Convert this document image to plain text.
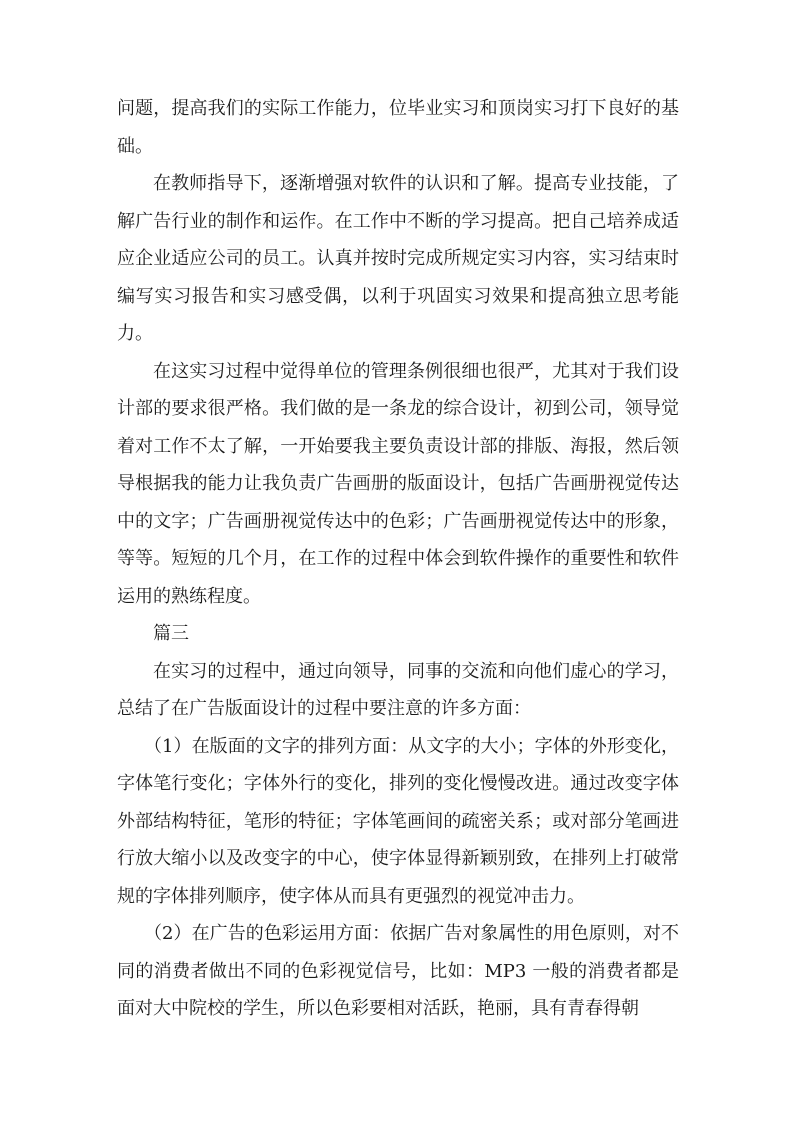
问题，提高我们的实际工作能力，位毕业实习和顶岗实习打下良好的基础。

在教师指导下，逐渐增强对软件的认识和了解。提高专业技能，了解广告行业的制作和运作。在工作中不断的学习提高。把自己培养成适应企业适应公司的员工。认真并按时完成所规定实习内容，实习结束时编写实习报告和实习感受偶，以利于巩固实习效果和提高独立思考能力。

在这实习过程中觉得单位的管理条例很细也很严，尤其对于我们设计部的要求很严格。我们做的是一条龙的综合设计，初到公司，领导觉着对工作不太了解，一开始要我主要负责设计部的排版、海报，然后领导根据我的能力让我负责广告画册的版面设计，包括广告画册视觉传达中的文字；广告画册视觉传达中的色彩；广告画册视觉传达中的形象，等等。短短的几个月，在工作的过程中体会到软件操作的重要性和软件运用的熟练程度。

篇三

在实习的过程中，通过向领导，同事的交流和向他们虚心的学习，总结了在广告版面设计的过程中要注意的许多方面：

（1）在版面的文字的排列方面：从文字的大小；字体的外形变化，字体笔行变化；字体外行的变化，排列的变化慢慢改进。通过改变字体外部结构特征，笔形的特征；字体笔画间的疏密关系；或对部分笔画进行放大缩小以及改变字的中心，使字体显得新颖别致，在排列上打破常规的字体排列顺序，使字体从而具有更强烈的视觉冲击力。

（2）在广告的色彩运用方面：依据广告对象属性的用色原则，对不同的消费者做出不同的色彩视觉信号，比如：MP3 一般的消费者都是面对大中院校的学生，所以色彩要相对活跃，艳丽，具有青春得朝
